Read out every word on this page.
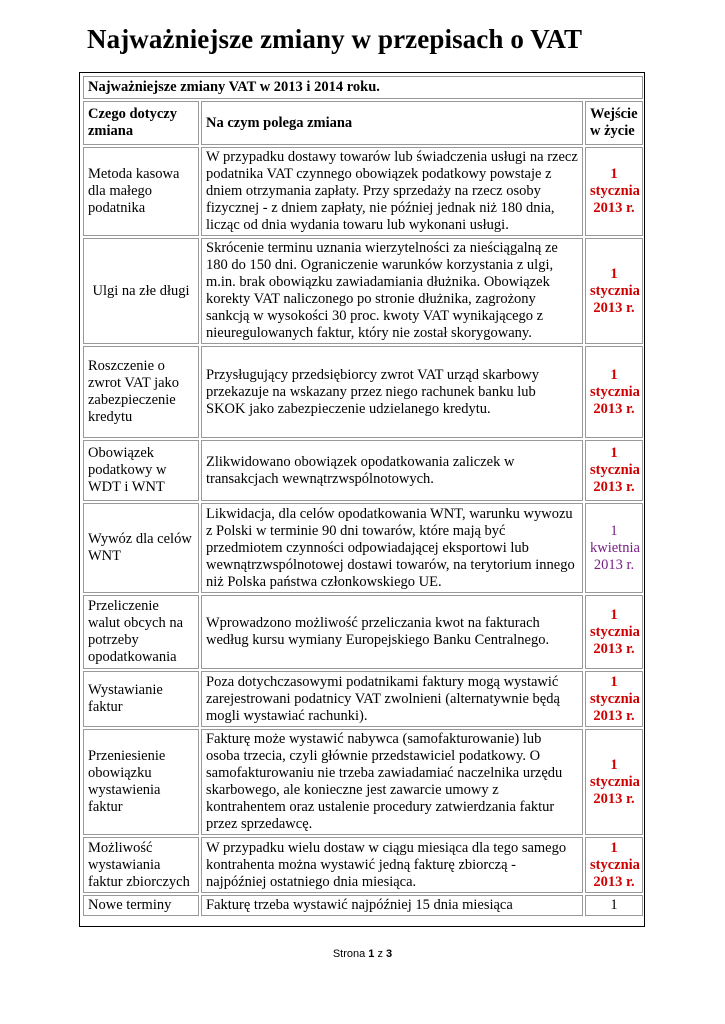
Najważniejsze zmiany w przepisach o VAT
Najważniejsze zmiany VAT w 2013 i 2014 roku.		
Czego dotyczy zmiana	Na czym polega zmiana	Wejście w życie
Metoda kasowa dla małego podatnika	W przypadku dostawy towarów lub świadczenia usługi na rzecz podatnika VAT czynnego obowiązek podatkowy powstaje z dniem otrzymania zapłaty. Przy sprzedaży na rzecz osoby fizycznej - z dniem zapłaty, nie później jednak niż 180 dnia, licząc od dnia wydania towaru lub wykonani usługi.	1 stycznia 2013 r.
Ulgi na złe długi	Skrócenie terminu uznania wierzytelności za nieściągalną ze 180 do 150 dni. Ograniczenie warunków korzystania z ulgi, m.in. brak obowiązku zawiadamiania dłużnika. Obowiązek korekty VAT naliczonego po stronie dłużnika, zagrożony sankcją w wysokości 30 proc. kwoty VAT wynikającego z nieuregulowanych faktur, który nie został skorygowany.	1 stycznia 2013 r.
Roszczenie o zwrot VAT jako zabezpieczenie kredytu	Przysługujący przedsiębiorcy zwrot VAT urząd skarbowy przekazuje na wskazany przez niego rachunek banku lub SKOK jako zabezpieczenie udzielanego kredytu.	1 stycznia 2013 r.
Obowiązek podatkowy w WDT i WNT	Zlikwidowano obowiązek opodatkowania zaliczek w transakcjach wewnątrzwspólnotowych.	1 stycznia 2013 r.
Wywóz dla celów WNT	Likwidacja, dla celów opodatkowania WNT, warunku wywozu z Polski w terminie 90 dni towarów, które mają być przedmiotem czynności odpowiadającej eksportowi lub wewnątrzwspólnotowej dostawi towarów, na terytorium innego niż Polska państwa członkowskiego UE.	1 kwietnia 2013 r.
Przeliczenie walut obcych na potrzeby opodatkowania	Wprowadzono możliwość przeliczania kwot na fakturach według kursu wymiany Europejskiego Banku Centralnego.	1 stycznia 2013 r.
Wystawianie faktur	Poza dotychczasowymi podatnikami faktury mogą wystawić zarejestrowani podatnicy VAT zwolnieni (alternatywnie będą mogli wystawiać rachunki).	1 stycznia 2013 r.
Przeniesienie obowiązku wystawienia faktur	Fakturę może wystawić nabywca (samofakturowanie) lub osoba trzecia, czyli głównie przedstawiciel podatkowy. O samofakturowaniu nie trzeba zawiadamiać naczelnika urzędu skarbowego, ale konieczne jest zawarcie umowy z kontrahentem oraz ustalenie procedury zatwierdzania faktur przez sprzedawcę.	1 stycznia 2013 r.
Możliwość wystawiania faktur zbiorczych	W przypadku wielu dostaw w ciągu miesiąca dla tego samego kontrahenta można wystawić jedną fakturę zbiorczą - najpóźniej ostatniego dnia miesiąca.	1 stycznia 2013 r.
Nowe terminy	Fakturę trzeba wystawić najpóźniej 15 dnia miesiąca	1
Strona 1 z 3
